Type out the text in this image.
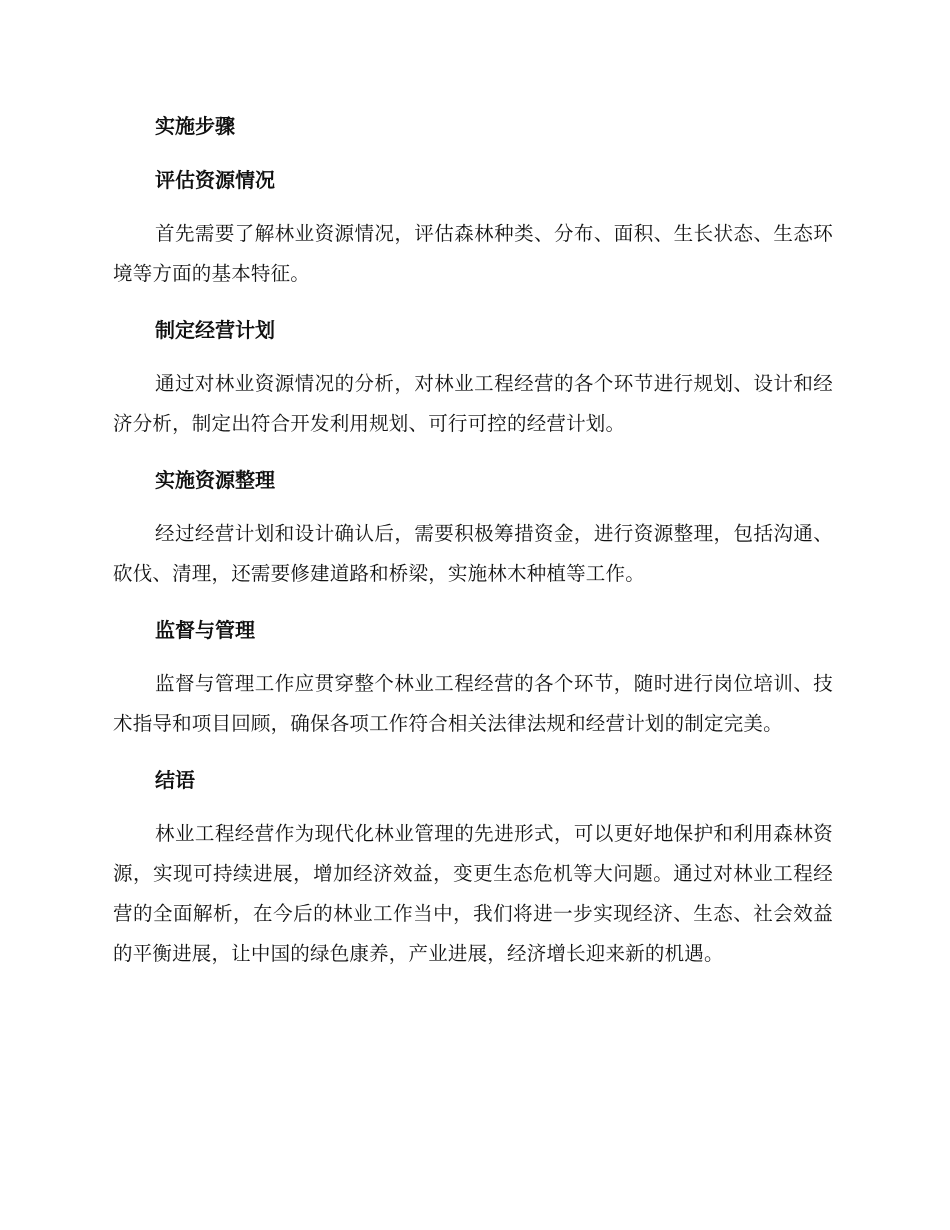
实施步骤
评估资源情况

首先需要了解林业资源情况，评估森林种类、分布、面积、生长状态、生态环境等方面的基本特征。

制定经营计划

通过对林业资源情况的分析，对林业工程经营的各个环节进行规划、设计和经济分析，制定出符合开发利用规划、可行可控的经营计划。

实施资源整理

经过经营计划和设计确认后，需要积极筹措资金，进行资源整理，包括沟通、砍伐、清理，还需要修建道路和桥梁，实施林木种植等工作。

监督与管理

监督与管理工作应贯穿整个林业工程经营的各个环节，随时进行岗位培训、技术指导和项目回顾，确保各项工作符合相关法律法规和经营计划的制定完美。

结语

林业工程经营作为现代化林业管理的先进形式，可以更好地保护和利用森林资源，实现可持续进展，增加经济效益，变更生态危机等大问题。通过对林业工程经营的全面解析，在今后的林业工作当中，我们将进一步实现经济、生态、社会效益的平衡进展，让中国的绿色康养，产业进展，经济增长迎来新的机遇。
